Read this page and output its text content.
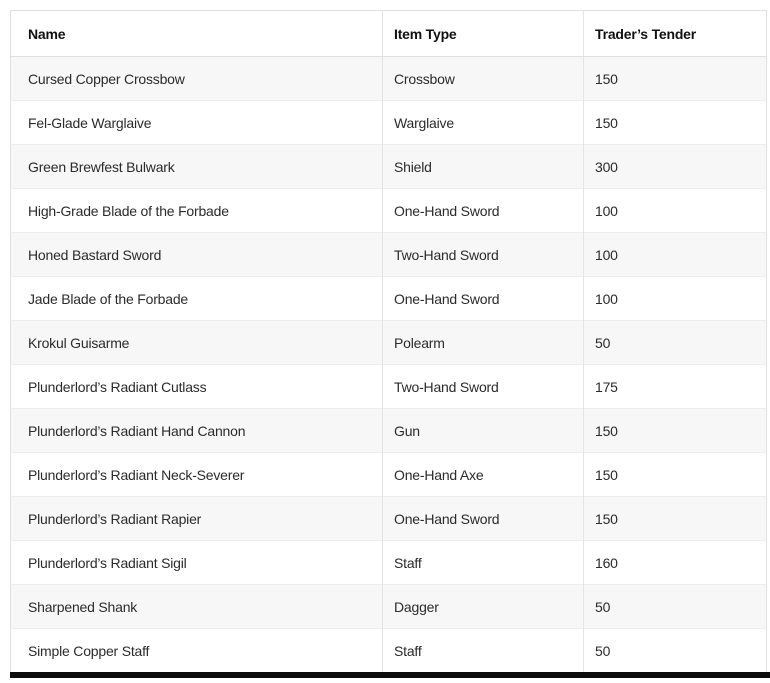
Name	Item Type	Trader’s Tender
Cursed Copper Crossbow	Crossbow	150
Fel-Glade Warglaive	Warglaive	150
Green Brewfest Bulwark	Shield	300
High-Grade Blade of the Forbade	One-Hand Sword	100
Honed Bastard Sword	Two-Hand Sword	100
Jade Blade of the Forbade	One-Hand Sword	100
Krokul Guisarme	Polearm	50
Plunderlord’s Radiant Cutlass	Two-Hand Sword	175
Plunderlord’s Radiant Hand Cannon	Gun	150
Plunderlord’s Radiant Neck-Severer	One-Hand Axe	150
Plunderlord’s Radiant Rapier	One-Hand Sword	150
Plunderlord’s Radiant Sigil	Staff	160
Sharpened Shank	Dagger	50
Simple Copper Staff	Staff	50
